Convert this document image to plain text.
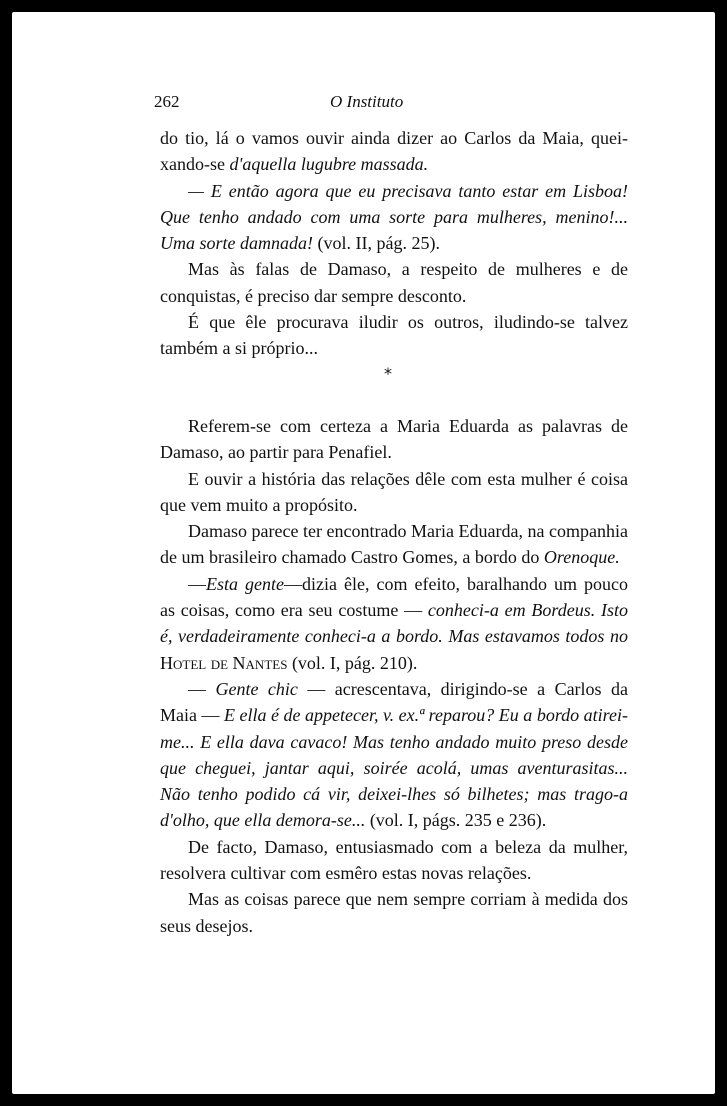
262	O Instituto

do tio, lá o vamos ouvir ainda dizer ao Carlos da Maia, queixando-se d'aquella lugubre massada.

— E então agora que eu precisava tanto estar em Lisboa! Que tenho andado com uma sorte para mulheres, menino!... Uma sorte damnada! (vol. II, pág. 25).

Mas às falas de Damaso, a respeito de mulheres e de conquistas, é preciso dar sempre desconto.

É que êle procurava iludir os outros, iludindo-se talvez também a si próprio...

*

Referem-se com certeza a Maria Eduarda as palavras de Damaso, ao partir para Penafiel.

E ouvir a história das relações dêle com esta mulher é coisa que vem muito a propósito.

Damaso parece ter encontrado Maria Eduarda, na companhia de um brasileiro chamado Castro Gomes, a bordo do Orenoque.

—Esta gente—dizia êle, com efeito, baralhando um pouco as coisas, como era seu costume — conheci-a em Bordeus. Isto é, verdadeiramente conheci-a a bordo. Mas estavamos todos no Hotel de Nantes (vol. I, pág. 210).

— Gente chic — acrescentava, dirigindo-se a Carlos da Maia — E ella é de appetecer, v. ex.ª reparou? Eu a bordo atirei-me... E ella dava cavaco! Mas tenho andado muito preso desde que cheguei, jantar aqui, soirée acolá, umas aventurasitas... Não tenho podido cá vir, deixei-lhes só bilhetes; mas trago-a d'olho, que ella demora-se... (vol. I, págs. 235 e 236).

De facto, Damaso, entusiasmado com a beleza da mulher, resolvera cultivar com esmêro estas novas relações.

Mas as coisas parece que nem sempre corriam à medida dos seus desejos.
